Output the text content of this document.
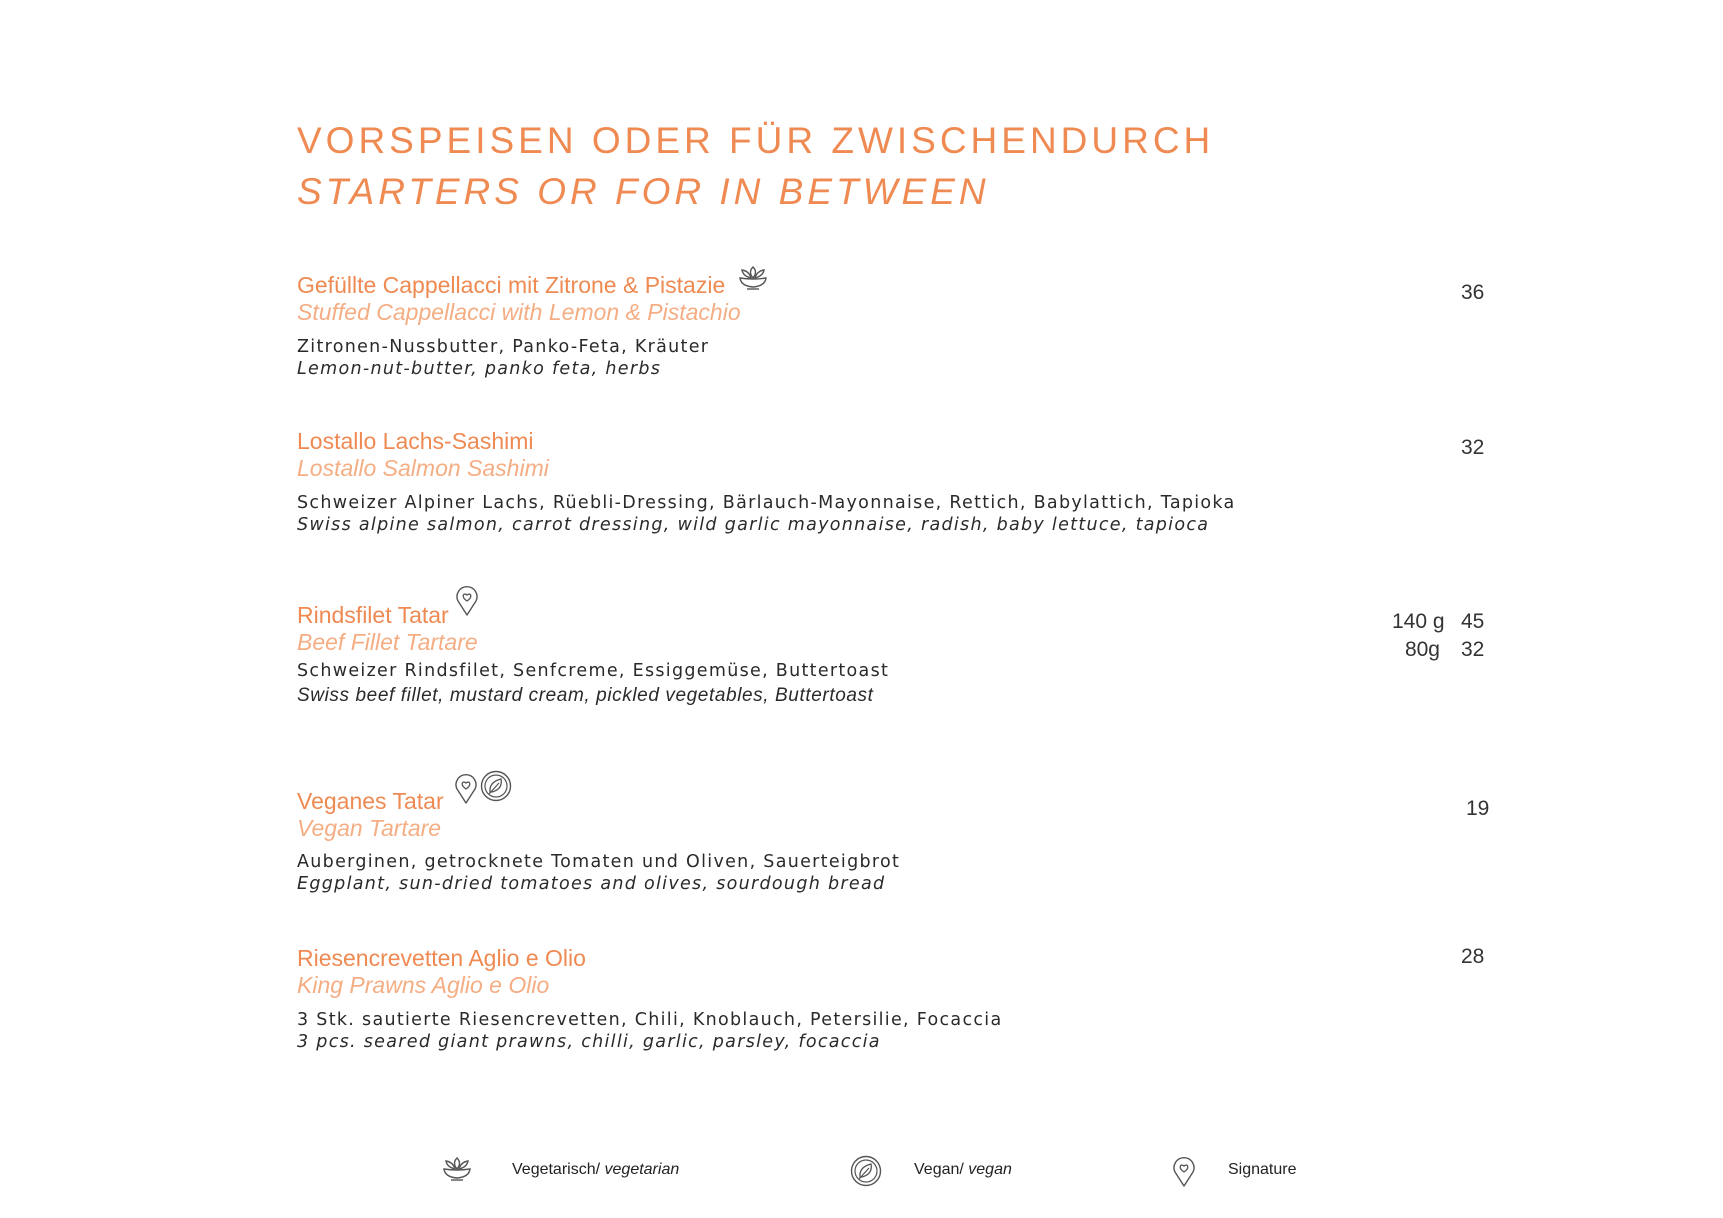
VORSPEISEN ODER FÜR ZWISCHENDURCH
STARTERS OR FOR IN BETWEEN
Gefüllte Cappellacci mit Zitrone & Pistazie
Stuffed Cappellacci with Lemon & Pistachio
Zitronen-Nussbutter, Panko-Feta, Kräuter
Lemon-nut-butter, panko feta, herbs
36
Lostallo Lachs-Sashimi
Lostallo Salmon Sashimi
Schweizer Alpiner Lachs, Rüebli-Dressing, Bärlauch-Mayonnaise, Rettich, Babylattich, Tapioka
Swiss alpine salmon, carrot dressing, wild garlic mayonnaise, radish, baby lettuce, tapioca
32
Rindsfilet Tatar
Beef Fillet Tartare
Schweizer Rindsfilet, Senfcreme, Essiggemüse, Buttertoast
Swiss beef fillet, mustard cream, pickled vegetables, Buttertoast
140 g 45
80g 32
Veganes Tatar
Vegan Tartare
Auberginen, getrocknete Tomaten und Oliven, Sauerteigbrot
Eggplant, sun-dried tomatoes and olives, sourdough bread
19
Riesencrevetten Aglio e Olio
King Prawns Aglio e Olio
3 Stk. sautierte Riesencrevetten, Chili, Knoblauch, Petersilie, Focaccia
3 pcs. seared giant prawns, chilli, garlic, parsley, focaccia
28
Vegetarisch/ vegetarian	Vegan/ vegan	Signature
